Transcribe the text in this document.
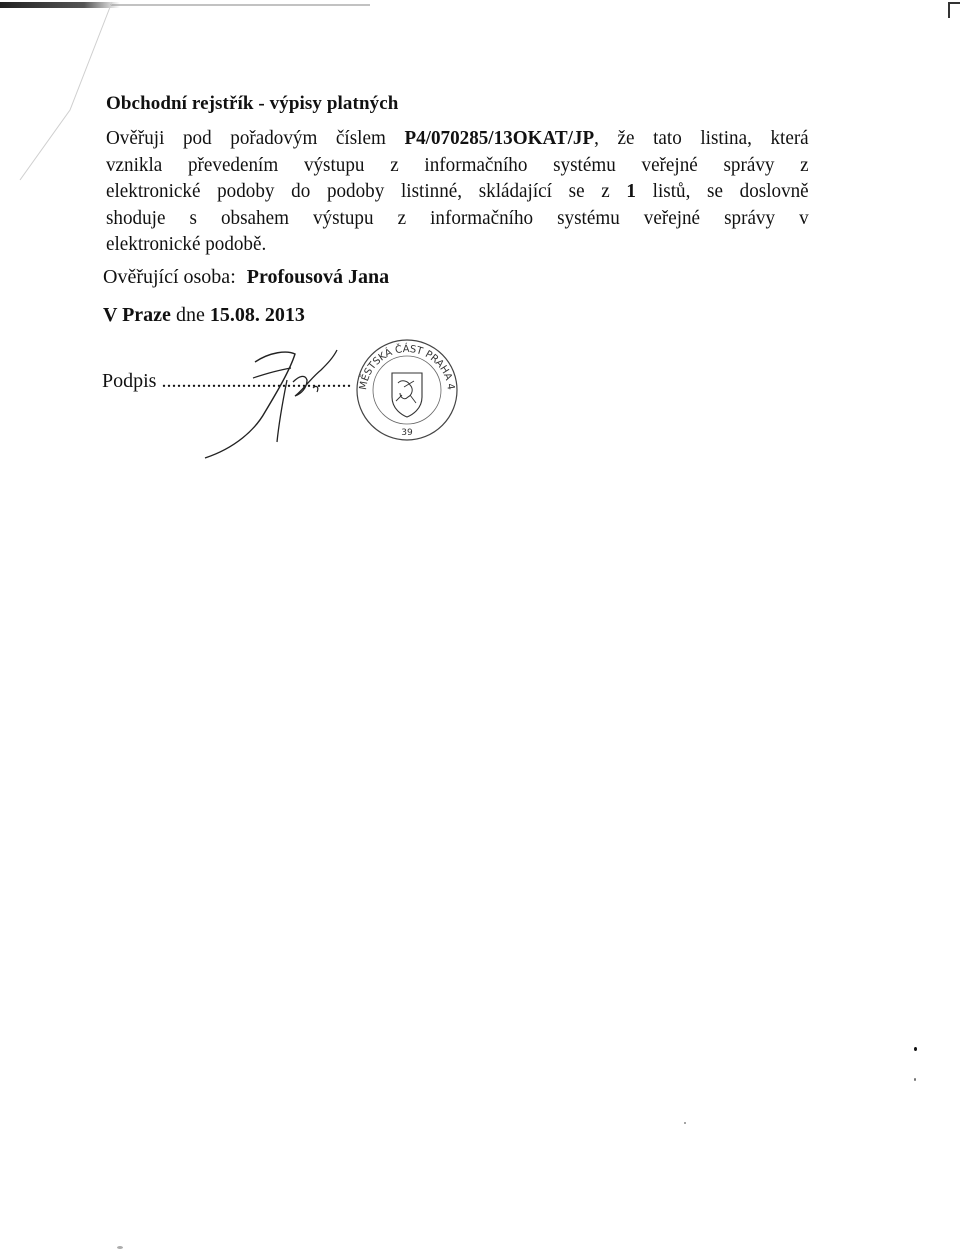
Obchodní rejstřík - výpisy platných
Ověřuji pod pořadovým číslem P4/070285/13OKAT/JP, že tato listina, která
vznikla převedením výstupu z informačního systému veřejné správy z
elektronické podoby do podoby listinné, skládající se z 1 listů, se doslovně
shoduje s obsahem výstupu z informačního systému veřejné správy v
elektronické podobě.
Ověřující osoba: Profousová Jana
V Praze dne 15.08. 2013
Podpis ...................................... MĚSTSKÁ ČÁST PRAHA 4
39
